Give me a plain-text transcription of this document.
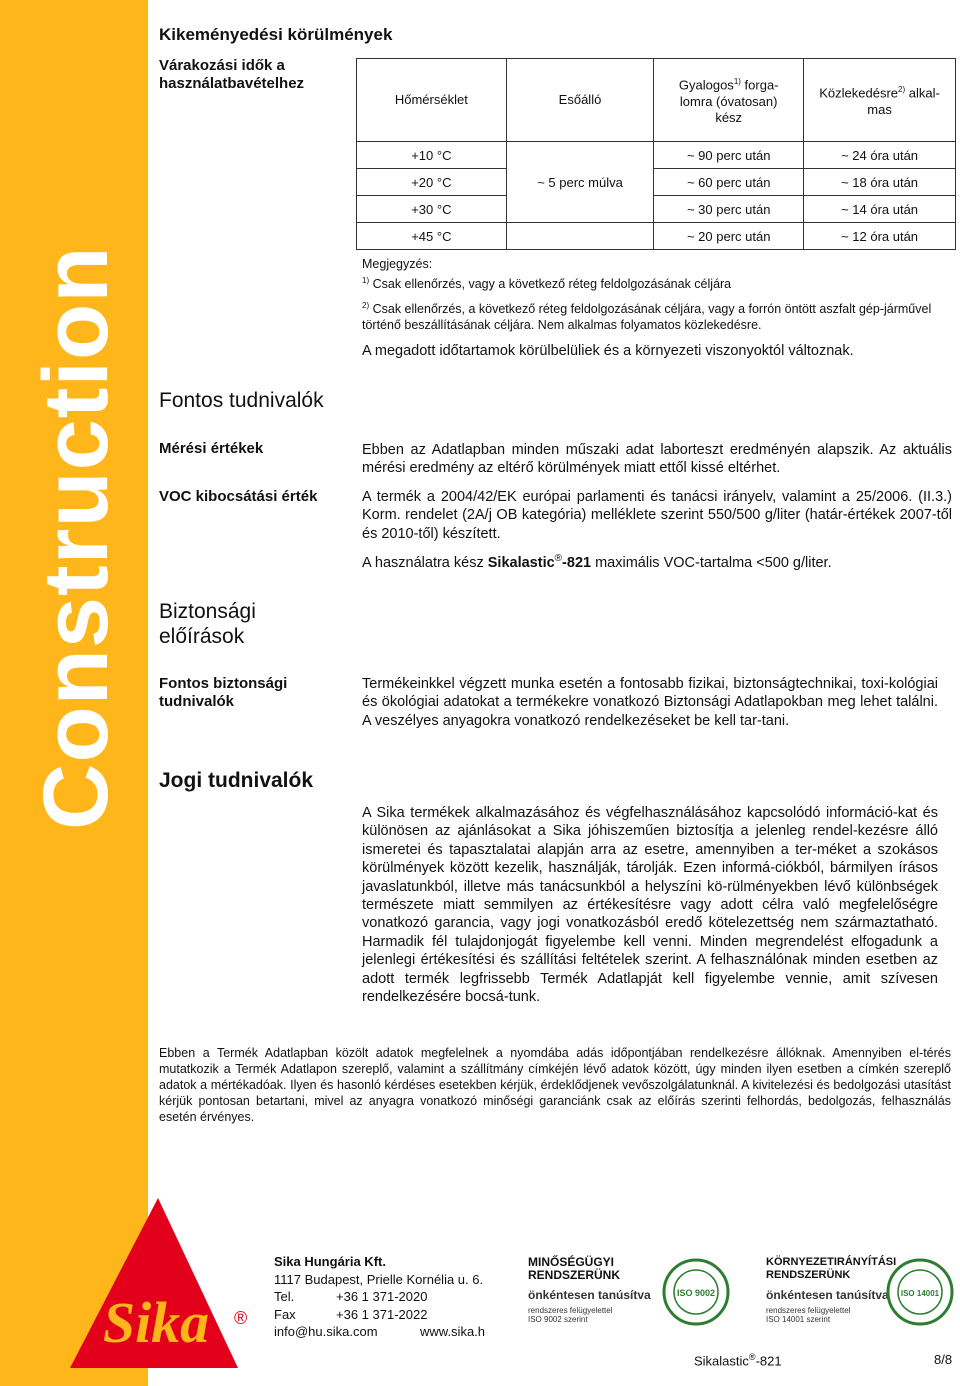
Construction
Kikeményedési körülmények
Várakozási idők a használatbavételhez
Hőmérséklet	Esőálló	Gyalogos$^{1)}$ forga-lomra (óvatosan) kész	Közlekedésre$^{2)}$ alkal-mas
+10 °C	~ 5 perc múlva	~ 90 perc után	~ 24 óra után
+20 °C		~ 60 perc után	~ 18 óra után
+30 °C		~ 30 perc után	~ 14 óra után
+45 °C		~ 20 perc után	~ 12 óra után
Megjegyzés:
$^{1)}$ Csak ellenőrzés, vagy a következő réteg feldolgozásának céljára
$^{2)}$ Csak ellenőrzés, a következő réteg feldolgozásának céljára, vagy a forrón öntött aszfalt gép-járművel történő beszállításának céljára. Nem alkalmas folyamatos közlekedésre.
A megadott időtartamok körülbelüliek és a környezeti viszonyoktól változnak.
Fontos tudnivalók
Mérési értékek	Ebben az Adatlapban minden műszaki adat laborteszt eredményén alapszik. Az aktuális mérési eredmény az eltérő körülmények miatt ettől kissé eltérhet.
VOC kibocsátási érték	A termék a 2004/42/EK európai parlamenti és tanácsi irányelv, valamint a 25/2006. (II.3.) Korm. rendelet (2A/j OB kategória) melléklete szerint 550/500 g/liter (határ-értékek 2007-től és 2010-től) készített.
A használatra kész Sikalastic®-821 maximális VOC-tartalma <500 g/liter.
Biztonsági előírások
Fontos biztonsági tudnivalók
Termékeinkkel végzett munka esetén a fontosabb fizikai, biztonságtechnikai, toxi-kológiai és ökológiai adatokat a termékekre vonatkozó Biztonsági Adatlapokban meg lehet találni. A veszélyes anyagokra vonatkozó rendelkezéseket be kell tar-tani.
Jogi tudnivalók
A Sika termékek alkalmazásához és végfelhasználásához kapcsolódó információ-kat és különösen az ajánlásokat a Sika jóhiszeműen biztosítja a jelenleg rendel-kezésre álló ismeretei és tapasztalatai alapján arra az esetre, amennyiben a ter-méket a szokásos körülmények között kezelik, használják, tárolják. Ezen informá-ciókból, bármilyen írásos javaslatunkból, illetve más tanácsunkból a helyszíni kö-rülményekben lévő különbségek természete miatt semmilyen az értékesítésre vagy adott célra való megfelelőségre vonatkozó garancia, vagy jogi vonatkozásból eredő kötelezettség nem származtatható. Harmadik fél tulajdonjogát figyelembe kell venni. Minden megrendelést elfogadunk a jelenlegi értékesítési és szállítási feltételek szerint. A felhasználónak minden esetben az adott termék legfrissebb Termék Adatlapját kell figyelembe vennie, amit szívesen rendelkezésére bocsá-tunk.
Ebben a Termék Adatlapban közölt adatok megfelelnek a nyomdába adás időpontjában rendelkezésre állóknak. Amennyiben el-térés mutatkozik a Termék Adatlapon szereplő, valamint a szállítmány címkéjén lévő adatok között, úgy minden ilyen esetben a címkén szereplő adatok a mértékadóak. Ilyen és hasonló kérdéses esetekben kérjük, érdeklődjenek vevőszolgálatunknál. A kivitelezési és bedolgozási utasítást kérjük pontosan betartani, mivel az anyagra vonatkozó minőségi garanciánk csak az előírás szerinti felhordás, bedolgozás, felhasználás esetén érvényes.
Sika ®
Sika Hungária Kft.
1117 Budapest, Prielle Kornélia u. 6.
Tel.	+36 1 371-2020
Fax	+36 1 371-2022
info@hu.sika.com	www.sika.h
MINŐSÉGÜGYI
RENDSZERÜNK
önkéntesen tanúsítva
rendszeres felügyelettel
ISO 9002 szerint
ISO 9002
KÖRNYEZETIRÁNYÍTÁSI
RENDSZERÜNK
önkéntesen tanúsítva
rendszeres felügyelettel
ISO 14001 szerint
ISO 14001
Sikalastic®-821	8/8
